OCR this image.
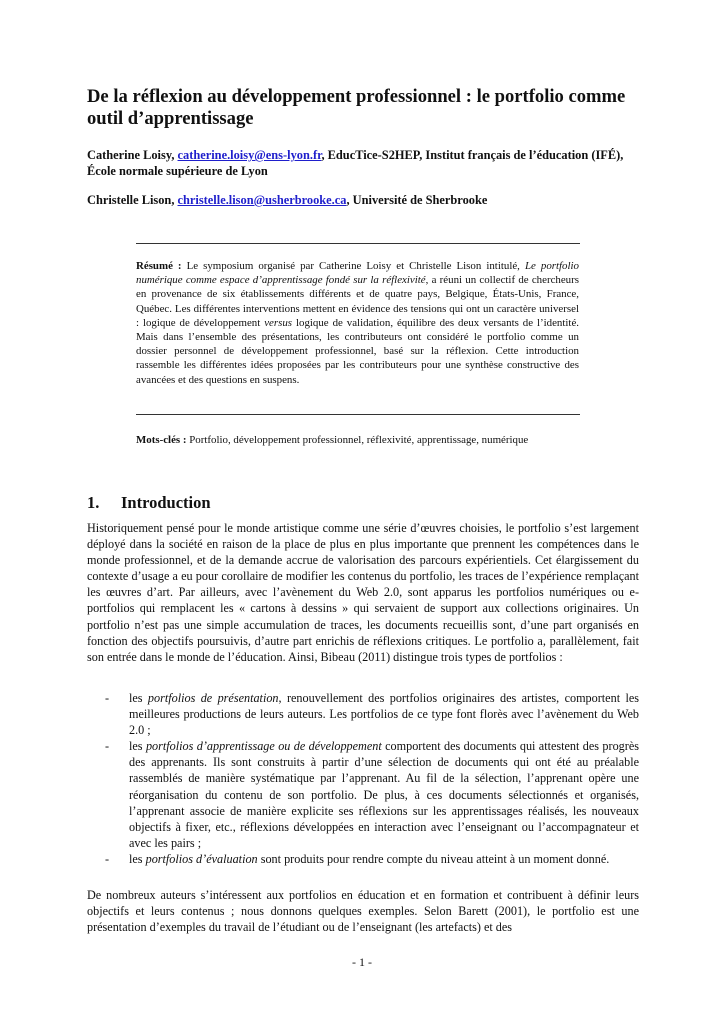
De la réflexion au développement professionnel : le portfolio comme outil d’apprentissage

Catherine Loisy, catherine.loisy@ens-lyon.fr, EducTice-S2HEP, Institut français de l’éducation (IFÉ), École normale supérieure de Lyon

Christelle Lison, christelle.lison@usherbrooke.ca, Université de Sherbrooke

Résumé : Le symposium organisé par Catherine Loisy et Christelle Lison intitulé, Le portfolio numérique comme espace d’apprentissage fondé sur la réflexivité, a réuni un collectif de chercheurs en provenance de six établissements différents et de quatre pays, Belgique, États-Unis, France, Québec. Les différentes interventions mettent en évidence des tensions qui ont un caractère universel : logique de développement versus logique de validation, équilibre des deux versants de l’identité. Mais dans l’ensemble des présentations, les contributeurs ont considéré le portfolio comme un dossier personnel de développement professionnel, basé sur la réflexion. Cette introduction rassemble les différentes idées proposées par les contributeurs pour une synthèse constructive des avancées et des questions en suspens.

Mots-clés : Portfolio, développement professionnel, réflexivité, apprentissage, numérique

1. Introduction

Historiquement pensé pour le monde artistique comme une série d’œuvres choisies, le portfolio s’est largement déployé dans la société en raison de la place de plus en plus importante que prennent les compétences dans le monde professionnel, et de la demande accrue de valorisation des parcours expérientiels. Cet élargissement du contexte d’usage a eu pour corollaire de modifier les contenus du portfolio, les traces de l’expérience remplaçant les œuvres d’art. Par ailleurs, avec l’avènement du Web 2.0, sont apparus les portfolios numériques ou e-portfolios qui remplacent les « cartons à dessins » qui servaient de support aux collections originaires. Un portfolio n’est pas une simple accumulation de traces, les documents recueillis sont, d’une part organisés en fonction des objectifs poursuivis, d’autre part enrichis de réflexions critiques. Le portfolio a, parallèlement, fait son entrée dans le monde de l’éducation. Ainsi, Bibeau (2011) distingue trois types de portfolios :

- les portfolios de présentation, renouvellement des portfolios originaires des artistes, comportent les meilleures productions de leurs auteurs. Les portfolios de ce type font florès avec l’avènement du Web 2.0 ;
- les portfolios d’apprentissage ou de développement comportent des documents qui attestent des progrès des apprenants. Ils sont construits à partir d’une sélection de documents qui ont été au préalable rassemblés de manière systématique par l’apprenant. Au fil de la sélection, l’apprenant opère une réorganisation du contenu de son portfolio. De plus, à ces documents sélectionnés et organisés, l’apprenant associe de manière explicite ses réflexions sur les apprentissages réalisés, les nouveaux objectifs à fixer, etc., réflexions développées en interaction avec l’enseignant ou l’accompagnateur et avec les pairs ;
- les portfolios d’évaluation sont produits pour rendre compte du niveau atteint à un moment donné.

De nombreux auteurs s’intéressent aux portfolios en éducation et en formation et contribuent à définir leurs objectifs et leurs contenus ; nous donnons quelques exemples. Selon Barett (2001), le portfolio est une présentation d’exemples du travail de l’étudiant ou de l’enseignant (les artefacts) et des

- 1 -
